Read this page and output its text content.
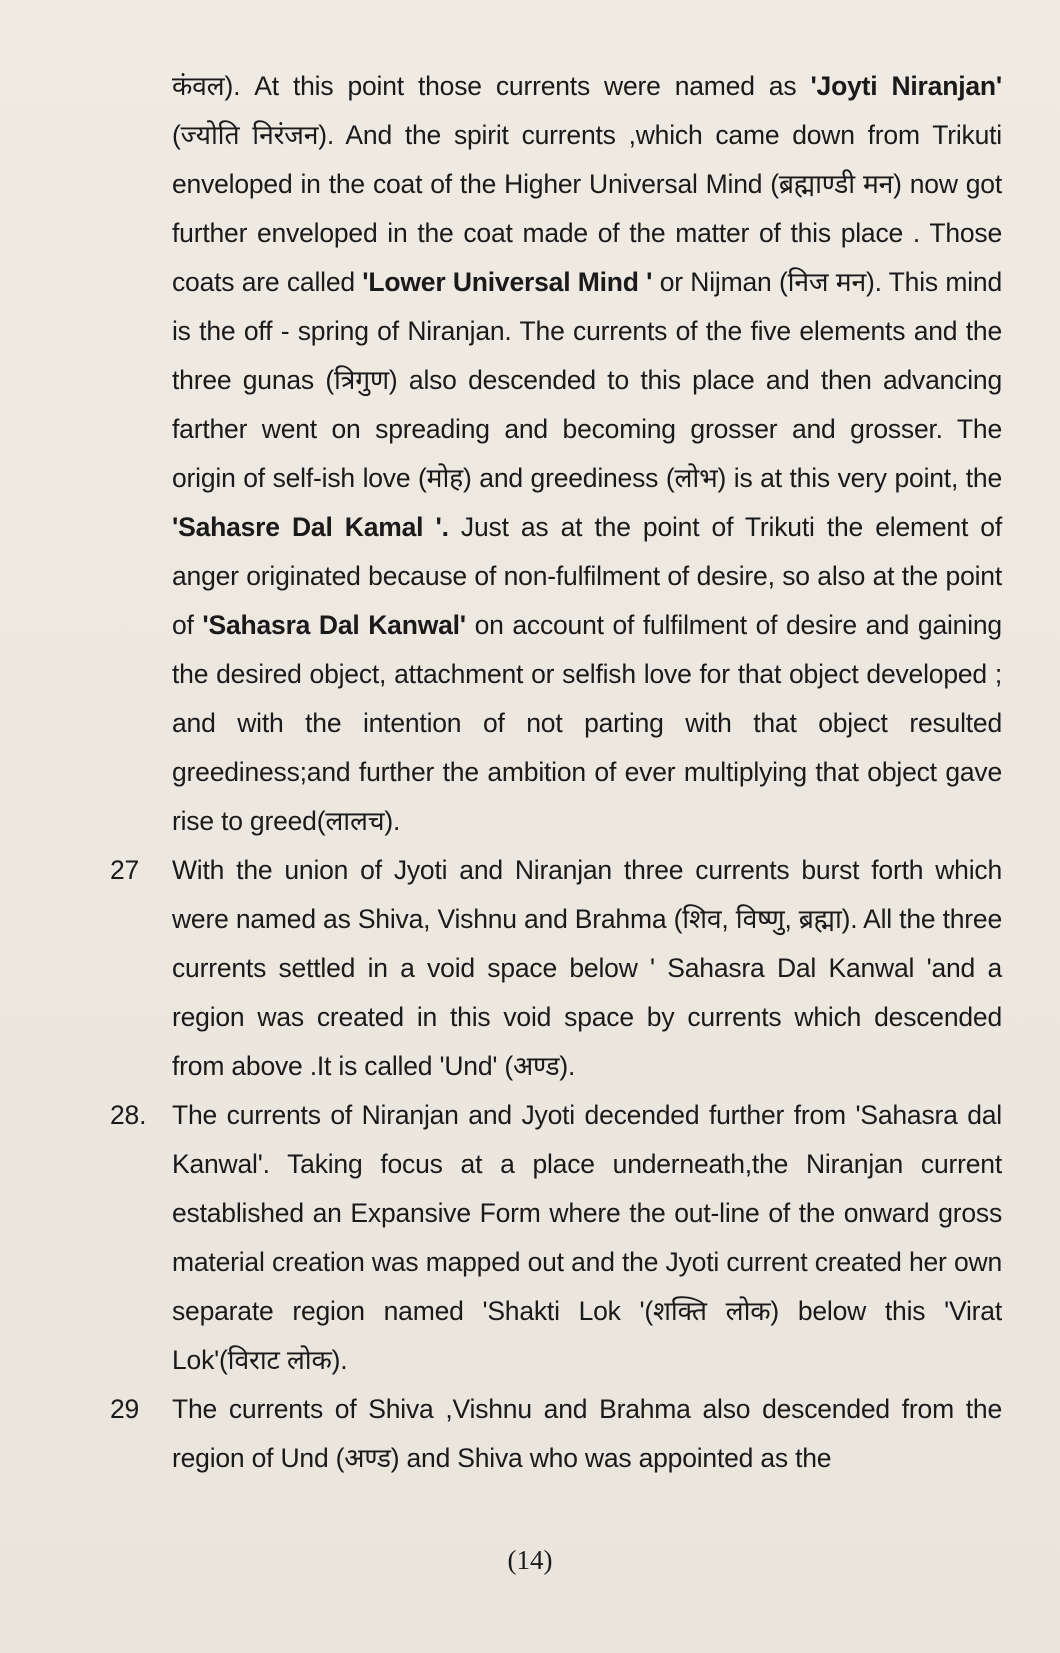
कंवल). At this point those currents were named as 'Joyti Niranjan' (ज्योति निरंजन). And the spirit currents ,which came down from Trikuti enveloped in the coat of the Higher Universal Mind (ब्रह्माण्डी मन) now got further enveloped in the coat made of the matter of this place . Those coats are called 'Lower Universal Mind ' or Nijman (निज मन). This mind is the off - spring of Niranjan. The currents of the five elements and the three gunas (त्रिगुण) also descended to this place and then advancing farther went on spreading and becoming grosser and grosser. The origin of self-ish love (मोह) and greediness (लोभ) is at this very point, the 'Sahasre Dal Kamal '. Just as at the point of Trikuti the element of anger originated because of non-fulfilment of desire, so also at the point of 'Sahasra Dal Kanwal' on account of fulfilment of desire and gaining the desired object, attachment or selfish love for that object developed ; and with the intention of not parting with that object resulted greediness;and further the ambition of ever multiplying that object gave rise to greed(लालच).

27	With the union of Jyoti and Niranjan three currents burst forth which were named as Shiva, Vishnu and Brahma (शिव, विष्णु, ब्रह्मा). All the three currents settled in a void space below ' Sahasra Dal Kanwal 'and a region was created in this void space by currents which descended from above .It is called 'Und' (अण्ड).

28. The currents of Niranjan and Jyoti decended further from 'Sahasra dal Kanwal'. Taking focus at a place underneath,the Niranjan current established an Expansive Form where the out-line of the onward gross material creation was mapped out and the Jyoti current created her own separate region named 'Shakti Lok '(शक्ति लोक) below this 'Virat Lok'(विराट लोक).

29	The currents of Shiva ,Vishnu and Brahma also descended from the region of Und (अण्ड) and Shiva who was appointed as the

(14)
